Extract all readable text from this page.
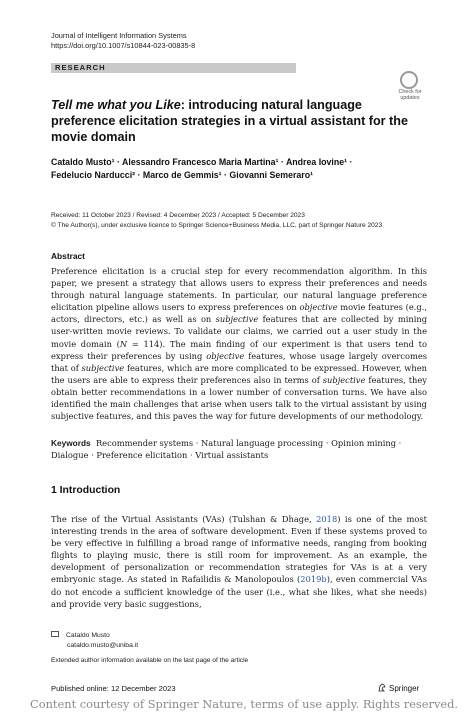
Journal of Intelligent Information Systems
https://doi.org/10.1007/s10844-023-00835-8
RESEARCH
Check for
updates
Tell me what you Like: introducing natural language preference elicitation strategies in a virtual assistant for the movie domain
Cataldo Musto¹ · Alessandro Francesco Maria Martina¹ · Andrea Iovine¹ ·
Fedelucio Narducci² · Marco de Gemmis¹ · Giovanni Semeraro¹
Received: 11 October 2023 / Revised: 4 December 2023 / Accepted: 5 December 2023
© The Author(s), under exclusive licence to Springer Science+Business Media, LLC, part of Springer Nature 2023
Abstract
Preference elicitation is a crucial step for every recommendation algorithm. In this paper, we present a strategy that allows users to express their preferences and needs through natural language statements. In particular, our natural language preference elicitation pipeline allows users to express preferences on objective movie features (e.g., actors, directors, etc.) as well as on subjective features that are collected by mining user-written movie reviews. To validate our claims, we carried out a user study in the movie domain (N = 114). The main finding of our experiment is that users tend to express their preferences by using objective features, whose usage largely overcomes that of subjective features, which are more complicated to be expressed. However, when the users are able to express their preferences also in terms of subjective features, they obtain better recommendations in a lower number of conversation turns. We have also identified the main challenges that arise when users talk to the virtual assistant by using subjective features, and this paves the way for future developments of our methodology.
Keywords Recommender systems · Natural language processing · Opinion mining · Dialogue · Preference elicitation · Virtual assistants
1 Introduction
The rise of the Virtual Assistants (VAs) (Tulshan & Dhage, 2018) is one of the most interesting trends in the area of software development. Even if these systems proved to be very effective in fulfilling a broad range of informative needs, ranging from booking flights to playing music, there is still room for improvement. As an example, the development of personalization or recommendation strategies for VAs is at a very embryonic stage. As stated in Rafailidis & Manolopoulos (2019b), even commercial VAs do not encode a sufficient knowledge of the user (i.e., what she likes, what she needs) and provide very basic suggestions,
Cataldo Musto
cataldo.musto@uniba.it
Extended author information available on the last page of the article
Published online: 12 December 2023	Springer
Content courtesy of Springer Nature, terms of use apply. Rights reserved.
